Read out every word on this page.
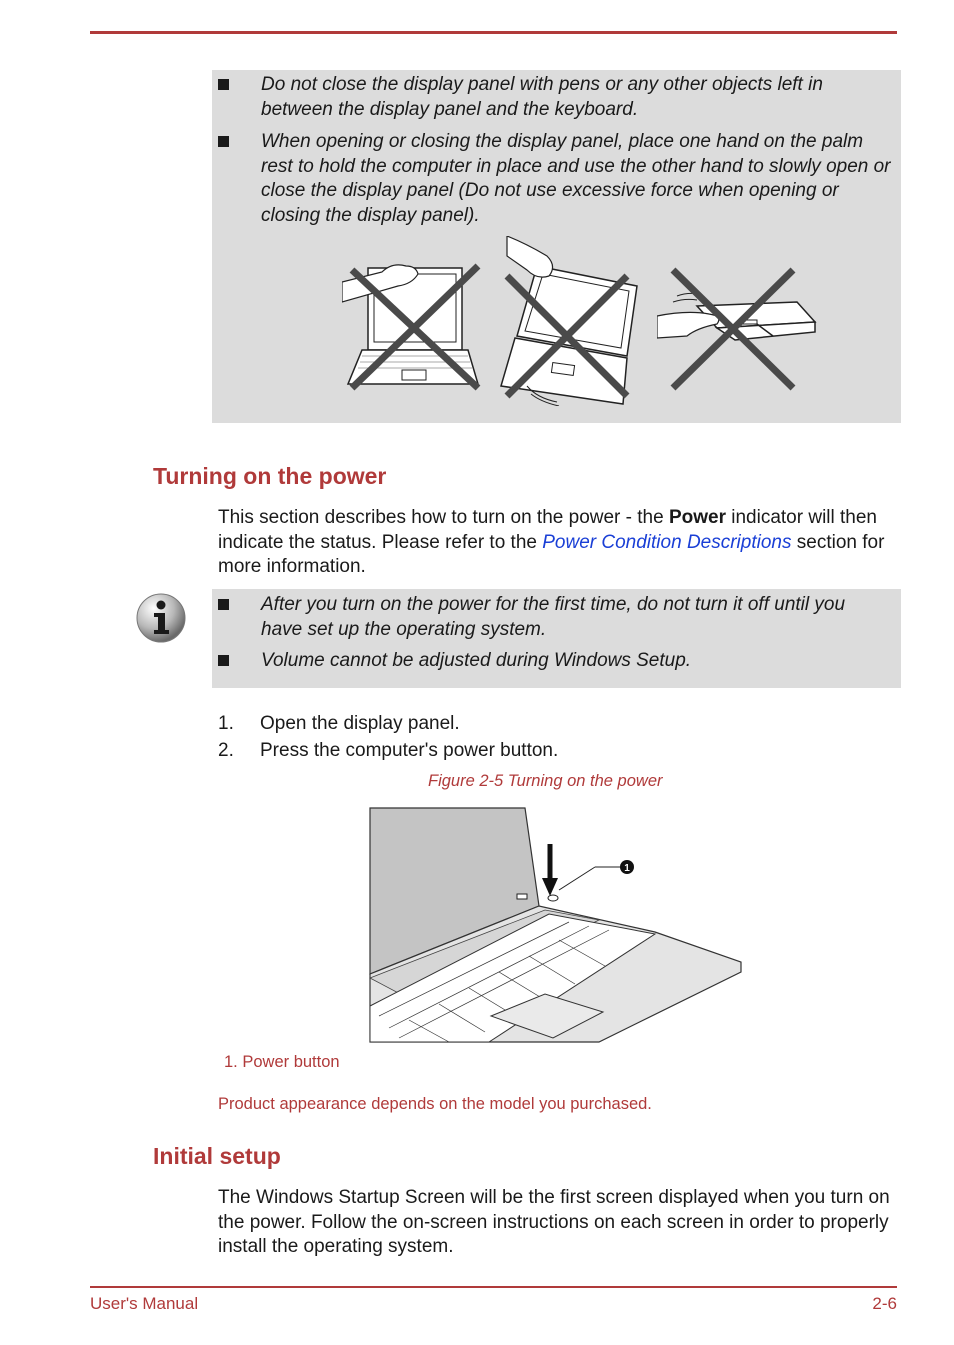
Do not close the display panel with pens or any other objects left in between the display panel and the keyboard.
When opening or closing the display panel, place one hand on the palm rest to hold the computer in place and use the other hand to slowly open or close the display panel (Do not use excessive force when opening or closing the display panel).
Turning on the power
This section describes how to turn on the power - the Power indicator will then indicate the status. Please refer to the Power Condition Descriptions section for more information.
After you turn on the power for the first time, do not turn it off until you have set up the operating system.
Volume cannot be adjusted during Windows Setup.
1. Open the display panel.
2. Press the computer's power button.
Figure 2-5 Turning on the power
1
1. Power button
Product appearance depends on the model you purchased.
Initial setup
The Windows Startup Screen will be the first screen displayed when you turn on the power. Follow the on-screen instructions on each screen in order to properly install the operating system.
User's Manual	2-6
